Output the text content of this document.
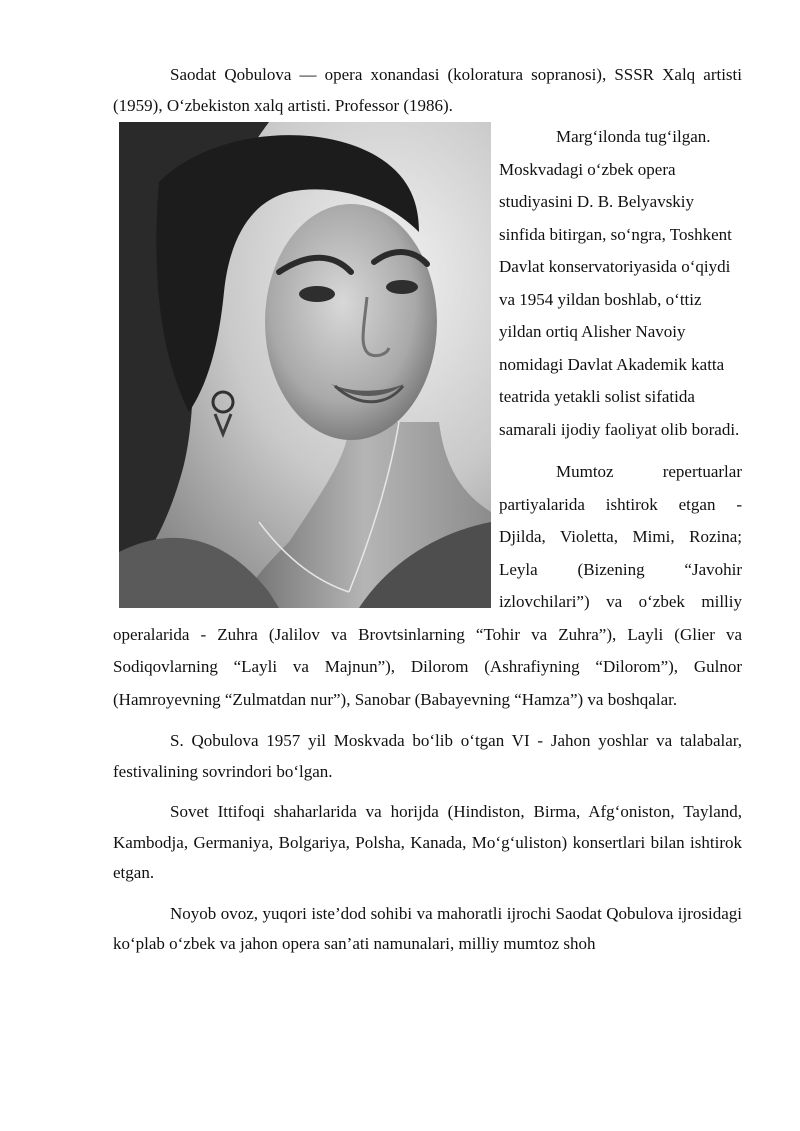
Saodat Qobulova — opera xonandasi (koloratura sopranosi), SSSR Xalq artisti (1959), O‘zbekiston xalq artisti. Professor (1986).

Marg‘ilonda tug‘ilgan. Moskvadagi o‘zbek opera studiyasini D. B. Belyavskiy sinfida bitirgan, so‘ngra, Toshkent Davlat konservatoriyasida o‘qiydi va 1954 yildan boshlab, o‘ttiz yildan ortiq Alisher Navoiy nomidagi Davlat Akademik katta teatrida yetakli solist sifatida samarali ijodiy faoliyat olib boradi.

Mumtoz repertuarlar partiyalarida ishtirok etgan - Djilda, Violetta, Mimi, Rozina; Leyla (Bizening “Javohir izlovchilari”) va o‘zbek milliy operalarida - Zuhra (Jalilov va Brovtsinlarning “Tohir va Zuhra”), Layli (Glier va Sodiqovlarning “Layli va Majnun”), Dilorom (Ashrafiyning “Dilorom”), Gulnor (Hamroyevning “Zulmatdan nur”), Sanobar (Babayevning “Hamza”) va boshqalar.

S. Qobulova 1957 yil Moskvada bo‘lib o‘tgan VI - Jahon yoshlar va talabalar, festivalining sovrindori bo‘lgan.

Sovet Ittifoqi shaharlarida va horijda (Hindiston, Birma, Afg‘oniston, Tayland, Kambodja, Germaniya, Bolgariya, Polsha, Kanada, Mo‘g‘uliston) konsertlari bilan ishtirok etgan.

Noyob ovoz, yuqori iste’dod sohibi va mahoratli ijrochi Saodat Qobulova ijrosidagi ko‘plab o‘zbek va jahon opera san’ati namunalari, milliy mumtoz shoh
